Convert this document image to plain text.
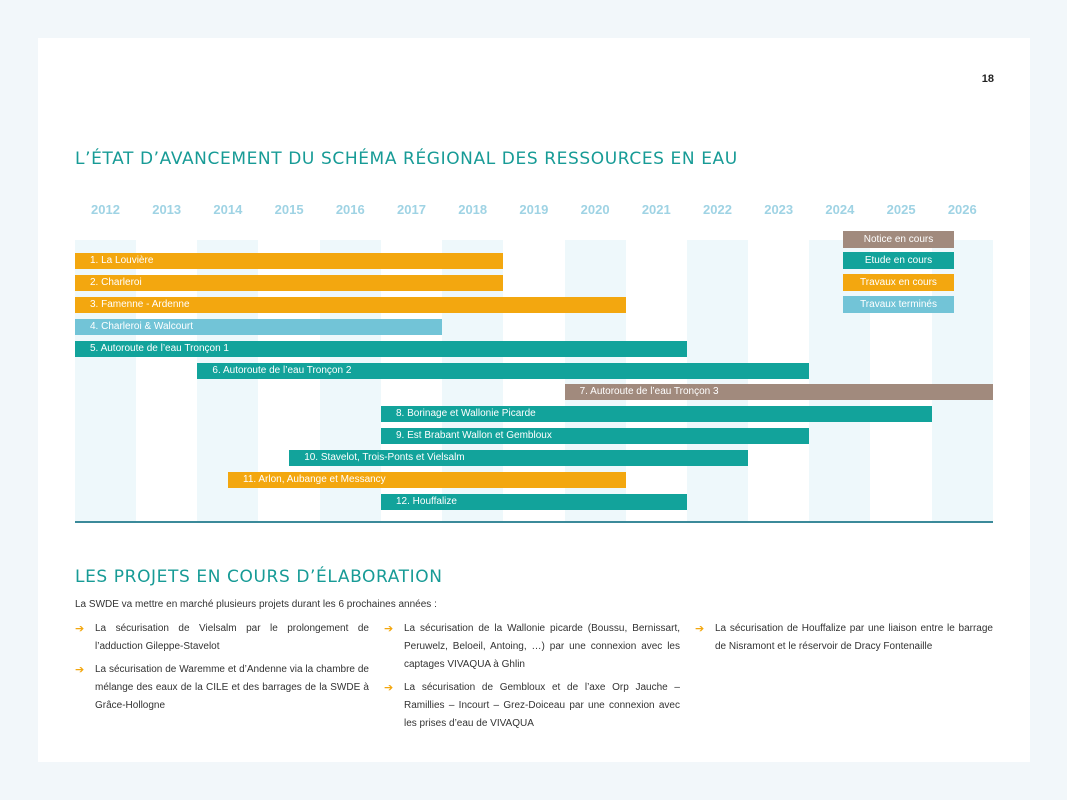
18
L’ÉTAT D’AVANCEMENT DU SCHÉMA RÉGIONAL DES RESSOURCES EN EAU
Notice en cours
Etude en cours
Travaux en cours
Travaux terminés
2012	2013	2014	2015	2016	2017	2018	2019	2020	2021	2022	2023	2024	2025	2026
1. La Louvière
2. Charleroi
3. Famenne - Ardenne
4. Charleroi & Walcourt
5. Autoroute de l’eau Tronçon 1
6. Autoroute de l’eau Tronçon 2
7. Autoroute de l’eau Tronçon 3
8. Borinage et Wallonie Picarde
9. Est Brabant Wallon et Gembloux
10. Stavelot, Trois-Ponts et Vielsalm
11. Arlon, Aubange et Messancy
12. Houffalize
LES PROJETS EN COURS D’ÉLABORATION
La SWDE va mettre en marché plusieurs projets durant les 6 prochaines années :
➔ La sécurisation de Vielsalm par le prolongement de l’adduction Gileppe-Stavelot
➔ La sécurisation de Waremme et d’Andenne via la chambre de mélange des eaux de la CILE et des barrages de la SWDE à Grâce-Hollogne
➔ La sécurisation de la Wallonie picarde (Boussu, Bernissart, Peruwelz, Beloeil, Antoing, …) par une connexion avec les captages VIVAQUA à Ghlin
➔ La sécurisation de Gembloux et de l’axe Orp Jauche – Ramillies – Incourt – Grez-Doiceau par une connexion avec les prises d’eau de VIVAQUA
➔ La sécurisation de Houffalize par une liaison entre le barrage de Nisramont et le réservoir de Dracy Fontenaille
